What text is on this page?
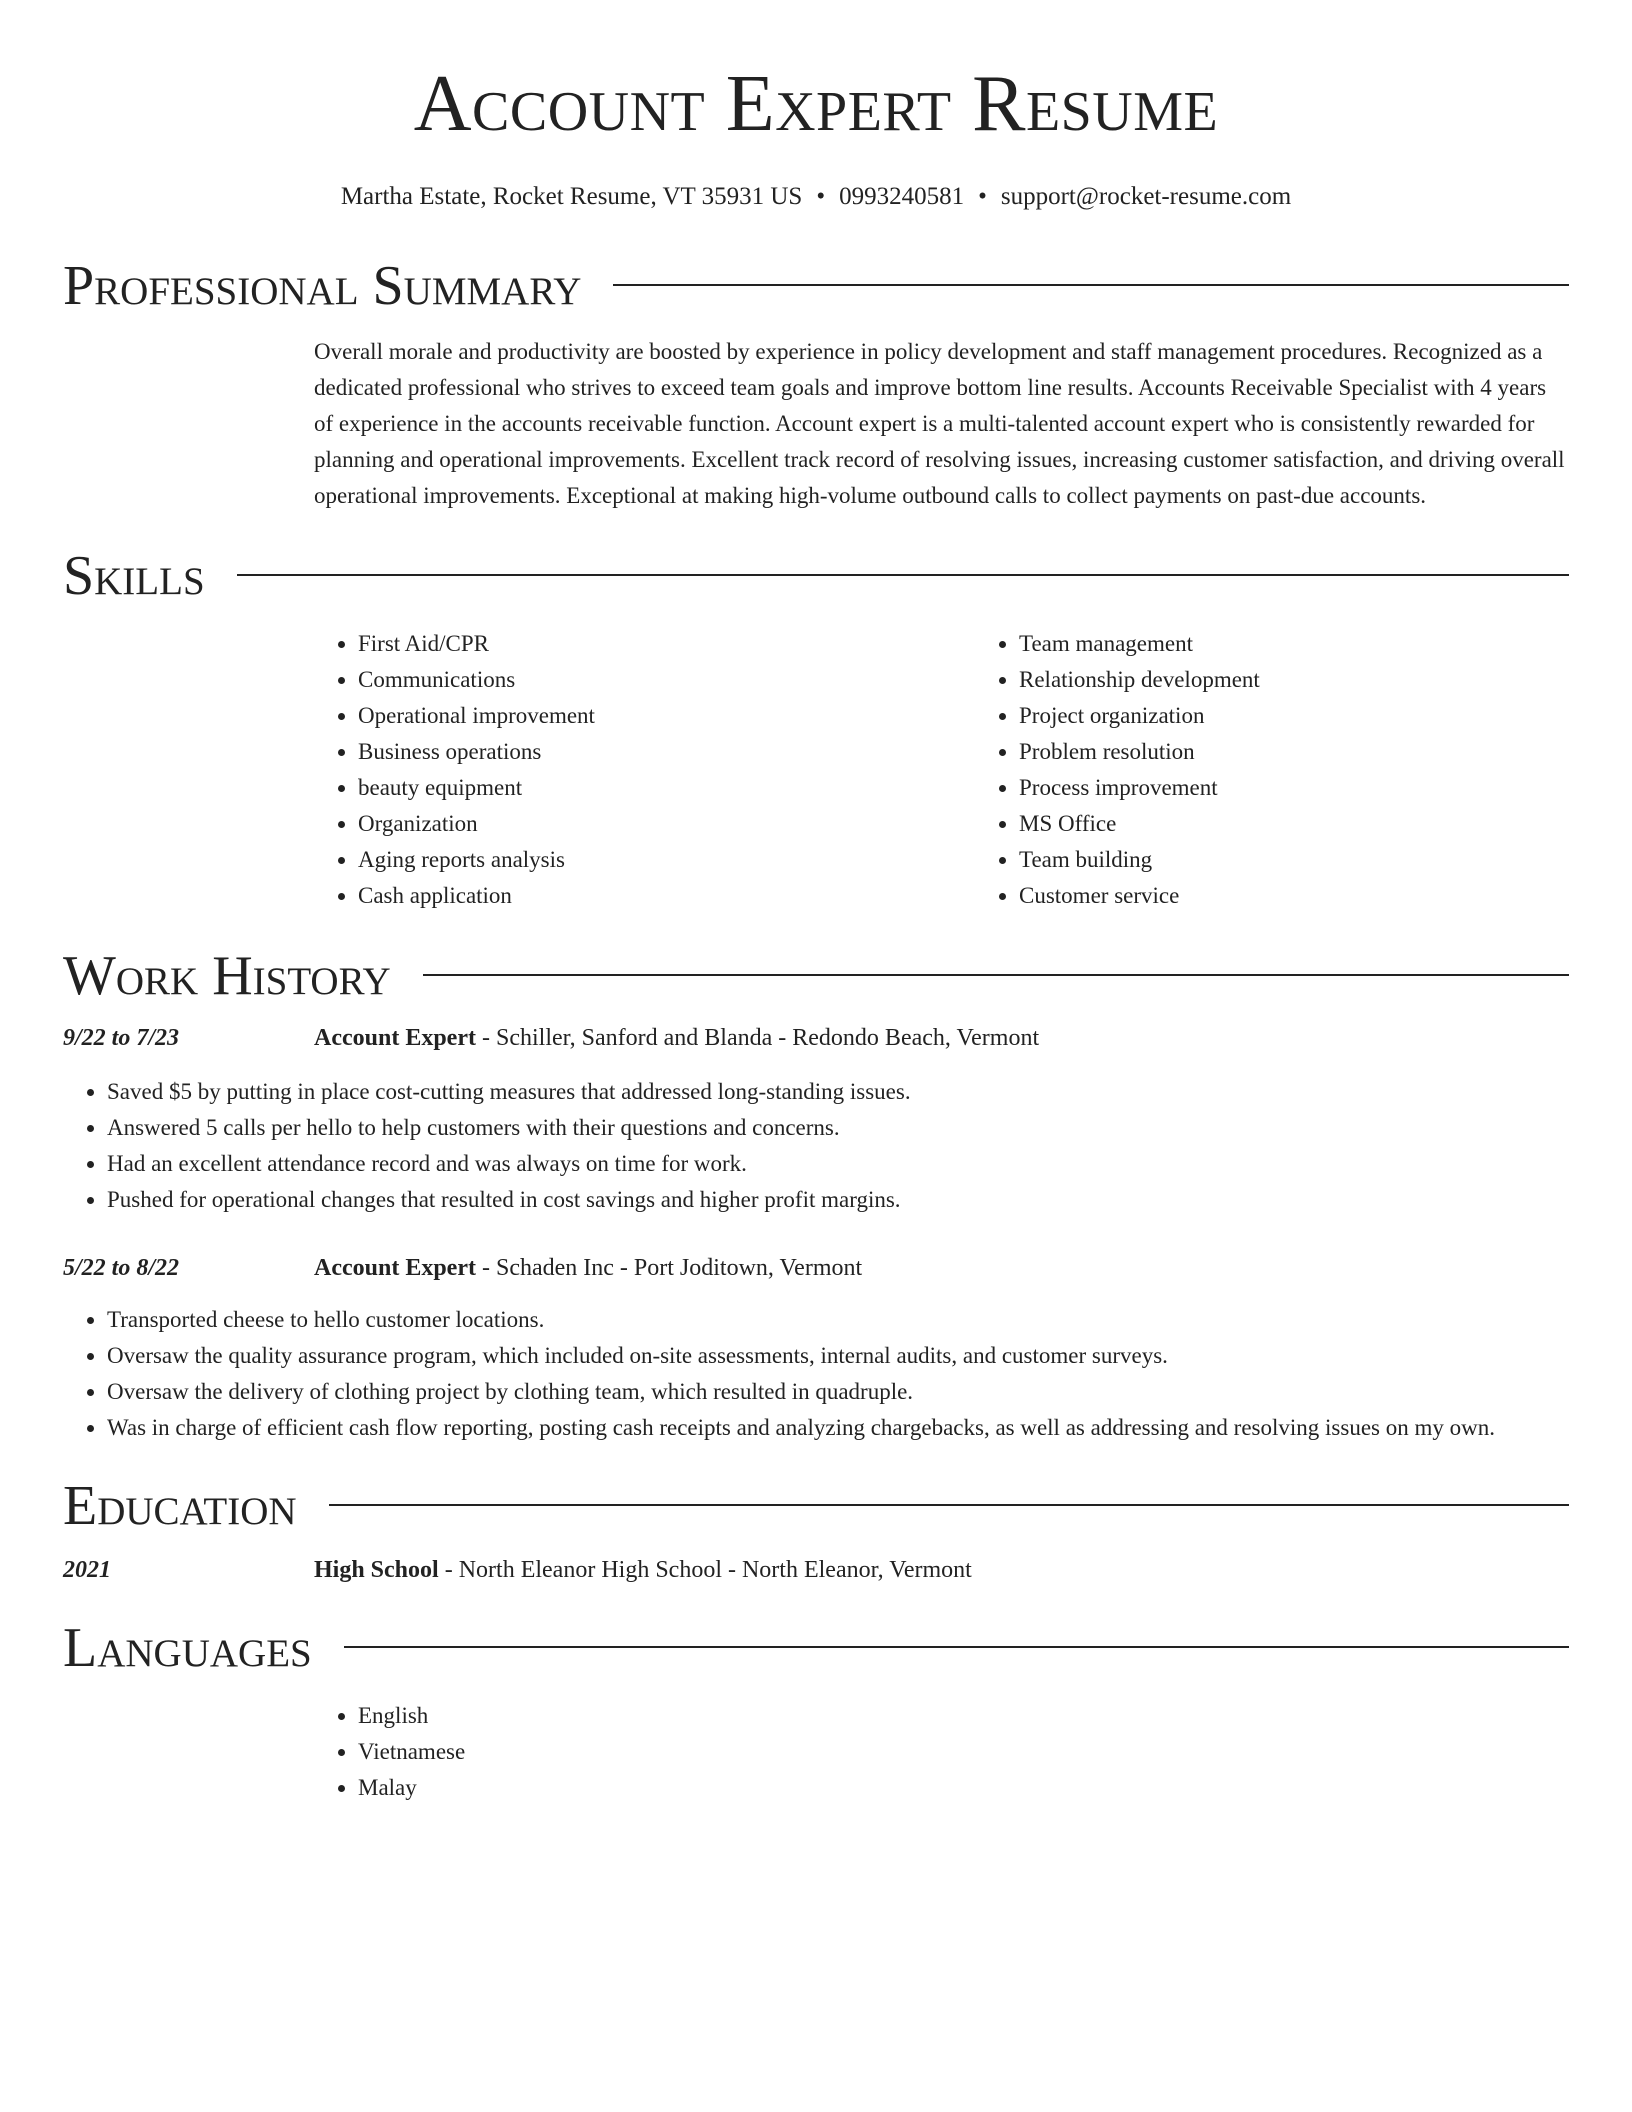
Account Expert Resume
Martha Estate, Rocket Resume, VT 35931 US • 0993240581 • support@rocket-resume.com
Professional Summary

Overall morale and productivity are boosted by experience in policy development and staff management procedures. Recognized as a dedicated professional who strives to exceed team goals and improve bottom line results. Accounts Receivable Specialist with 4 years of experience in the accounts receivable function. Account expert is a multi-talented account expert who is consistently rewarded for planning and operational improvements. Excellent track record of resolving issues, increasing customer satisfaction, and driving overall operational improvements. Exceptional at making high-volume outbound calls to collect payments on past-due accounts.

Skills
• First Aid/CPR
• Communications
• Operational improvement
• Business operations
• beauty equipment
• Organization
• Aging reports analysis
• Cash application
• Team management
• Relationship development
• Project organization
• Problem resolution
• Process improvement
• MS Office
• Team building
• Customer service
Work History
9/22 to 7/23	Account Expert - Schiller, Sanford and Blanda - Redondo Beach, Vermont
• Saved $5 by putting in place cost-cutting measures that addressed long-standing issues.
• Answered 5 calls per hello to help customers with their questions and concerns.
• Had an excellent attendance record and was always on time for work.
• Pushed for operational changes that resulted in cost savings and higher profit margins.
5/22 to 8/22	Account Expert - Schaden Inc - Port Joditown, Vermont
• Transported cheese to hello customer locations.
• Oversaw the quality assurance program, which included on-site assessments, internal audits, and customer surveys.
• Oversaw the delivery of clothing project by clothing team, which resulted in quadruple.
• Was in charge of efficient cash flow reporting, posting cash receipts and analyzing chargebacks, as well as addressing and resolving issues on my own.
Education
2021	High School - North Eleanor High School - North Eleanor, Vermont
Languages
• English
• Vietnamese
• Malay
